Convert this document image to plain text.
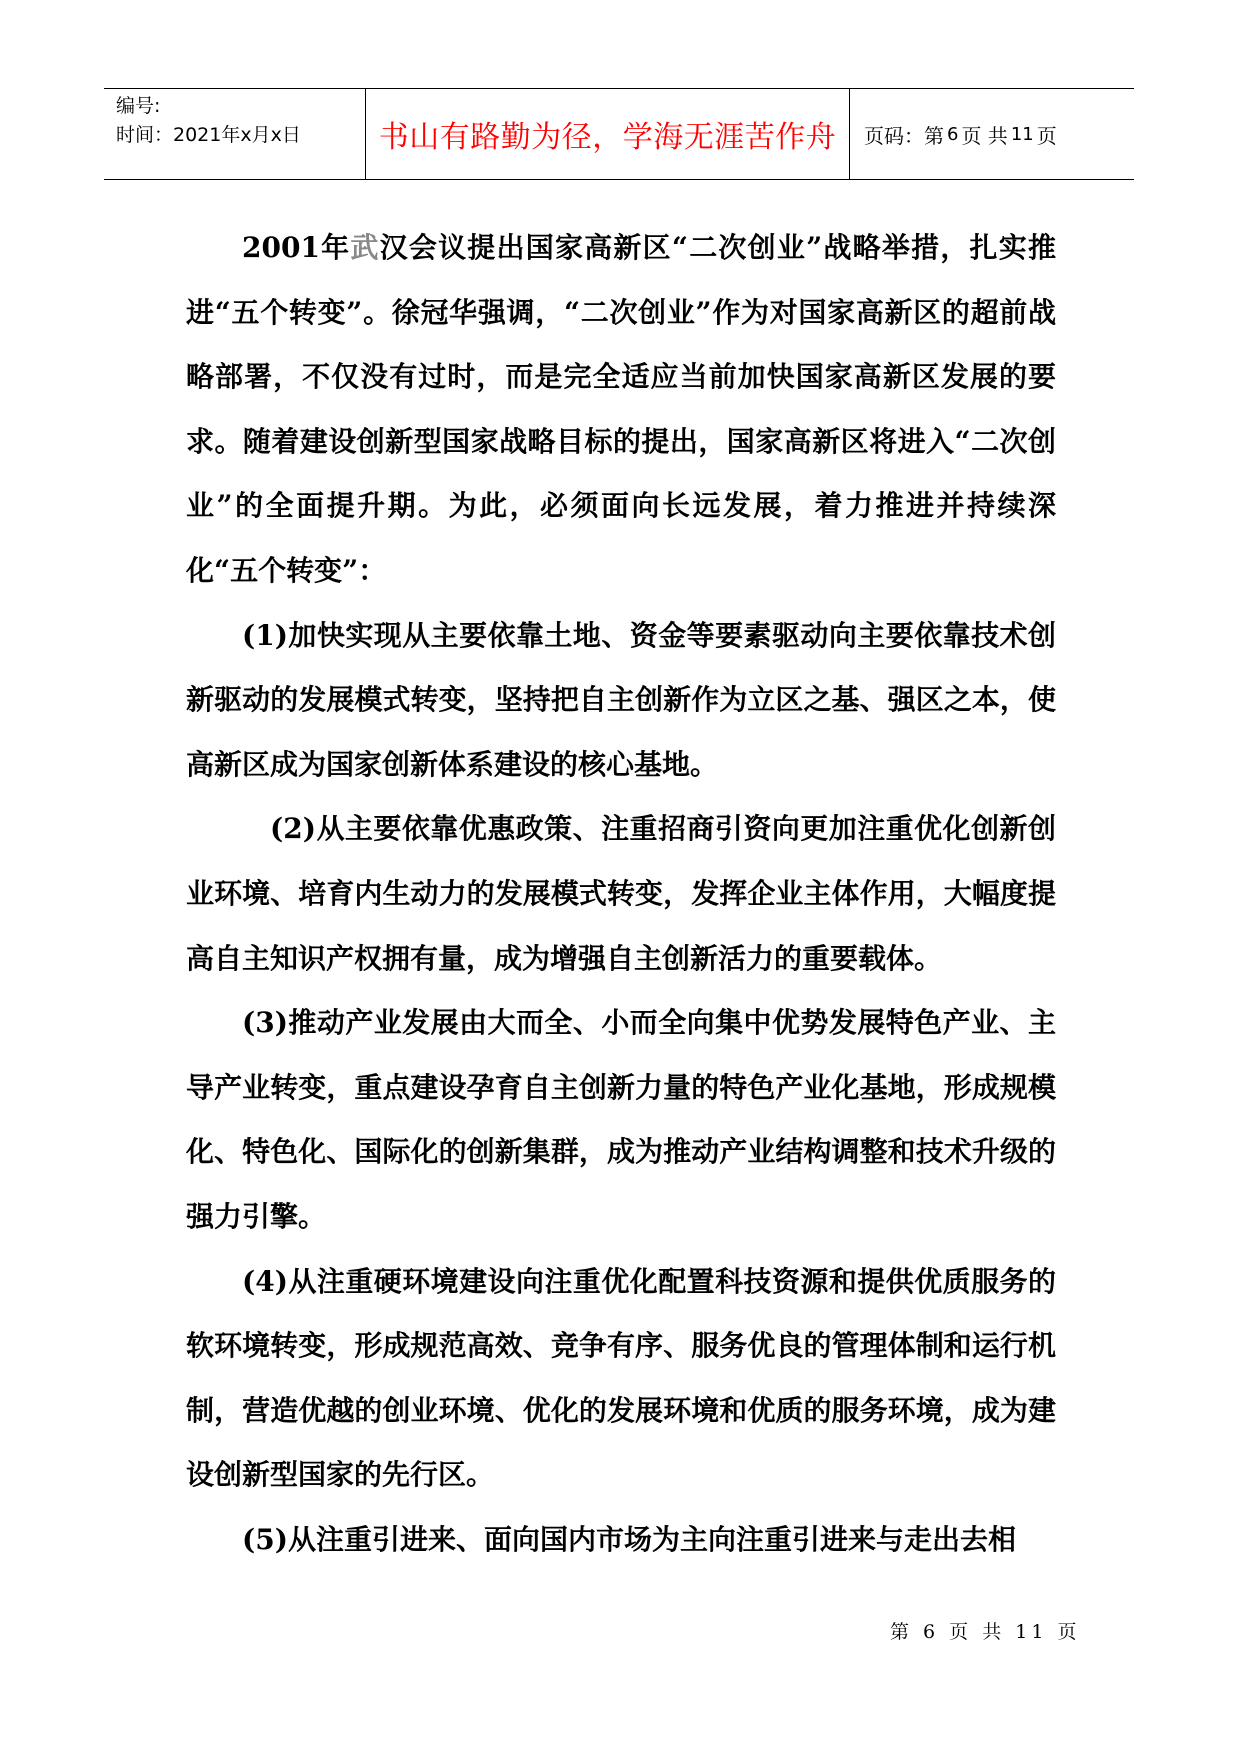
编号:
时间：2021年x月x日	书山有路勤为径，学海无涯苦作舟	页码：第 6 页 共 11 页

2001年武汉会议提出国家高新区“二次创业”战略举措，扎实推进“五个转变”。徐冠华强调，“二次创业”作为对国家高新区的超前战略部署，不仅没有过时，而是完全适应当前加快国家高新区发展的要求。随着建设创新型国家战略目标的提出，国家高新区将进入“二次创业”的全面提升期。为此，必须面向长远发展，着力推进并持续深化“五个转变”：

(1)加快实现从主要依靠土地、资金等要素驱动向主要依靠技术创新驱动的发展模式转变，坚持把自主创新作为立区之基、强区之本，使高新区成为国家创新体系建设的核心基地。

(2)从主要依靠优惠政策、注重招商引资向更加注重优化创新创业环境、培育内生动力的发展模式转变，发挥企业主体作用，大幅度提高自主知识产权拥有量，成为增强自主创新活力的重要载体。

(3)推动产业发展由大而全、小而全向集中优势发展特色产业、主导产业转变，重点建设孕育自主创新力量的特色产业化基地，形成规模化、特色化、国际化的创新集群，成为推动产业结构调整和技术升级的强力引擎。

(4)从注重硬环境建设向注重优化配置科技资源和提供优质服务的软环境转变，形成规范高效、竞争有序、服务优良的管理体制和运行机制，营造优越的创业环境、优化的发展环境和优质的服务环境，成为建设创新型国家的先行区。

(5)从注重引进来、面向国内市场为主向注重引进来与走出去相

第 6 页 共 11 页
